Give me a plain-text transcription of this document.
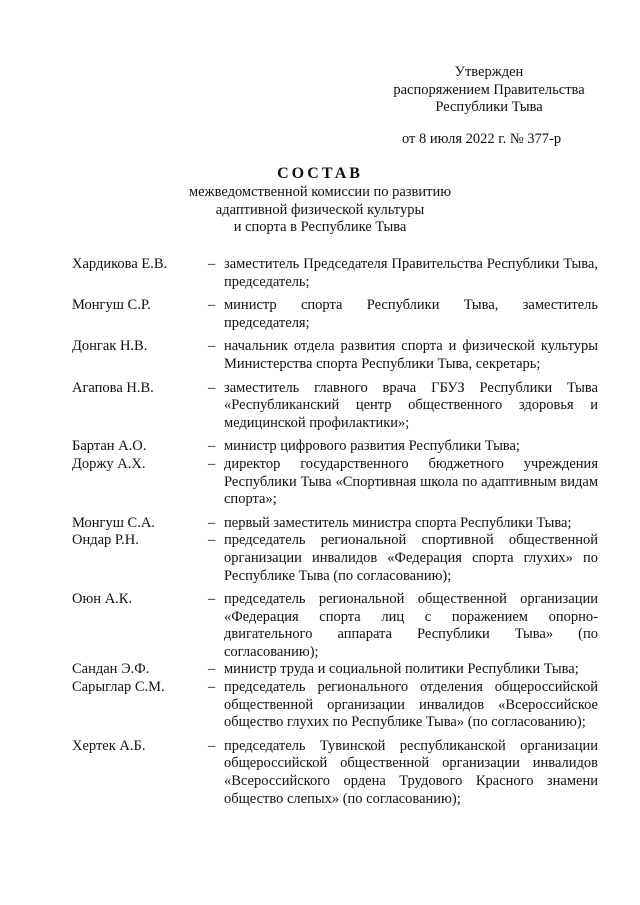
Утвержден
распоряжением Правительства
Республики Тыва
от 8 июля 2022 г. № 377-р
СОСТАВ
межведомственной комиссии по развитию
адаптивной физической культуры
и спорта в Республике Тыва
Хардикова Е.В.	– заместитель Председателя Правительства Республики Тыва, председатель;
Монгуш С.Р.	– министр спорта Республики Тыва, заместитель председателя;
Донгак Н.В.	– начальник отдела развития спорта и физической культуры Министерства спорта Республики Тыва, секретарь;
Агапова Н.В.	– заместитель главного врача ГБУЗ Республики Тыва «Республиканский центр общественного здоровья и медицинской профилактики»;
Бартан А.О.	– министр цифрового развития Республики Тыва;
Доржу А.Х.	– директор государственного бюджетного учреждения Республики Тыва «Спортивная школа по адаптивным видам спорта»;
Монгуш С.А.	– первый заместитель министра спорта Республики Тыва;
Ондар Р.Н.	– председатель региональной спортивной общественной организации инвалидов «Федерация спорта глухих» по Республике Тыва (по согласованию);
Оюн А.К.	– председатель региональной общественной организации «Федерация спорта лиц с поражением опорно-двигательного аппарата Республики Тыва» (по согласованию);
Сандан Э.Ф.	– министр труда и социальной политики Республики Тыва;
Сарыглар С.М.	– председатель регионального отделения общероссийской общественной организации инвалидов «Всероссийское общество глухих по Республике Тыва» (по согласованию);
Хертек А.Б.	– председатель Тувинской республиканской организации общероссийской общественной организации инвалидов «Всероссийского ордена Трудового Красного знамени общество слепых» (по согласованию);
